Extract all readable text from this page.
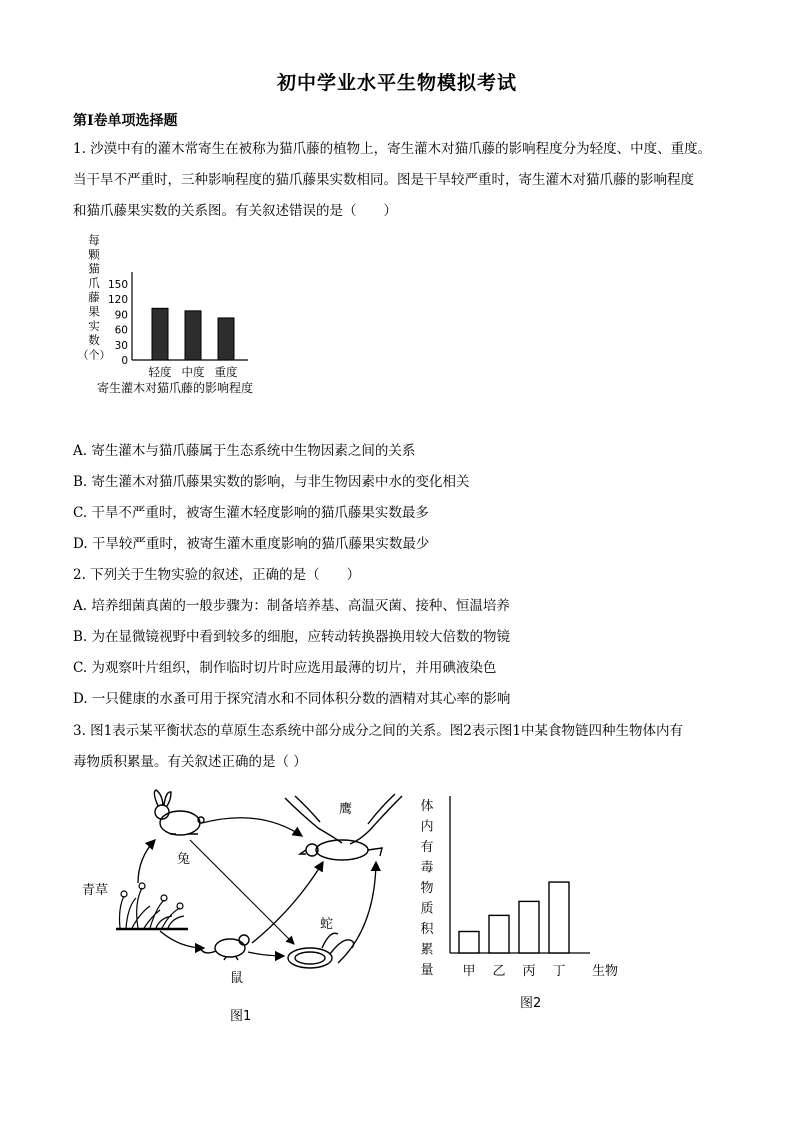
初中学业水平生物模拟考试
第I卷单项选择题
1. 沙漠中有的灌木常寄生在被称为猫爪藤的植物上，寄生灌木对猫爪藤的影响程度分为轻度、中度、重度。
当干旱不严重时，三种影响程度的猫爪藤果实数相同。图是干旱较严重时，寄生灌木对猫爪藤的影响程度
和猫爪藤果实数的关系图。有关叙述错误的是（　　）
每
颗
猫
爪
藤
果
实
数
（个）
150
120
90
60
30
0
轻度 中度 重度
寄生灌木对猫爪藤的影响程度
A. 寄生灌木与猫爪藤属于生态系统中生物因素之间的关系
B. 寄生灌木对猫爪藤果实数的影响，与非生物因素中水的变化相关
C. 干旱不严重时，被寄生灌木轻度影响的猫爪藤果实数最多
D. 干旱较严重时，被寄生灌木重度影响的猫爪藤果实数最少
2. 下列关于生物实验的叙述，正确的是（　　）
A. 培养细菌真菌的一般步骤为：制备培养基、高温灭菌、接种、恒温培养
B. 为在显微镜视野中看到较多的细胞，应转动转换器换用较大倍数的物镜
C. 为观察叶片组织，制作临时切片时应选用最薄的切片，并用碘液染色
D. 一只健康的水蚤可用于探究清水和不同体积分数的酒精对其心率的影响
3. 图1表示某平衡状态的草原生态系统中部分成分之间的关系。图2表示图1中某食物链四种生物体内有
毒物质积累量。有关叙述正确的是（ ）
兔
青草
鼠
蛇
鹰
图1
体
内
有
毒
物
质
积
累
量 甲 乙 丙 丁 生物
图2
